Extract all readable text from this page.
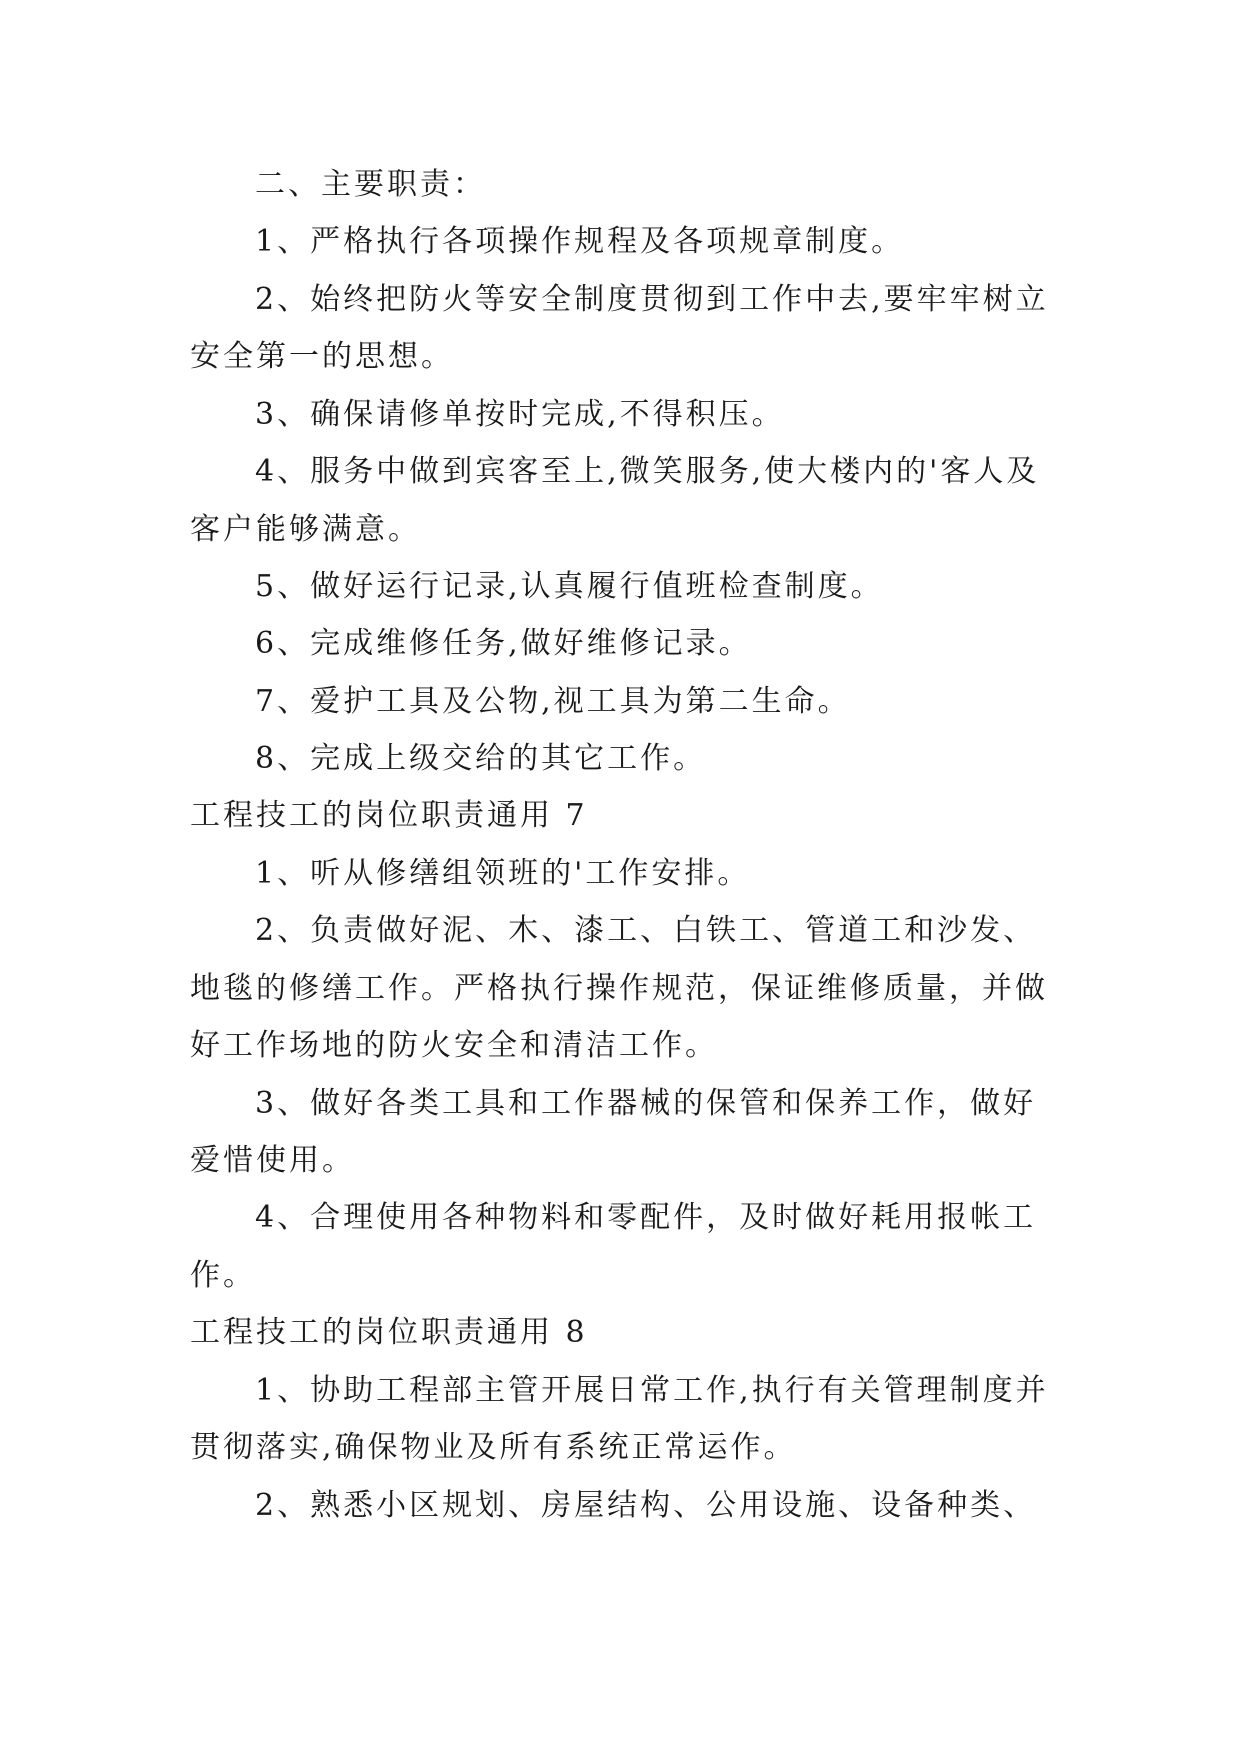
二、主要职责：
1、严格执行各项操作规程及各项规章制度。
2、始终把防火等安全制度贯彻到工作中去,要牢牢树立
安全第一的思想。
3、确保请修单按时完成,不得积压。
4、服务中做到宾客至上,微笑服务,使大楼内的'客人及
客户能够满意。
5、做好运行记录,认真履行值班检查制度。
6、完成维修任务,做好维修记录。
7、爱护工具及公物,视工具为第二生命。
8、完成上级交给的其它工作。
工程技工的岗位职责通用 7
1、听从修缮组领班的'工作安排。
2、负责做好泥、木、漆工、白铁工、管道工和沙发、
地毯的修缮工作。严格执行操作规范，保证维修质量，并做
好工作场地的防火安全和清洁工作。
3、做好各类工具和工作器械的保管和保养工作，做好
爱惜使用。
4、合理使用各种物料和零配件，及时做好耗用报帐工
作。
工程技工的岗位职责通用 8
1、协助工程部主管开展日常工作,执行有关管理制度并
贯彻落实,确保物业及所有系统正常运作。
2、熟悉小区规划、房屋结构、公用设施、设备种类、
